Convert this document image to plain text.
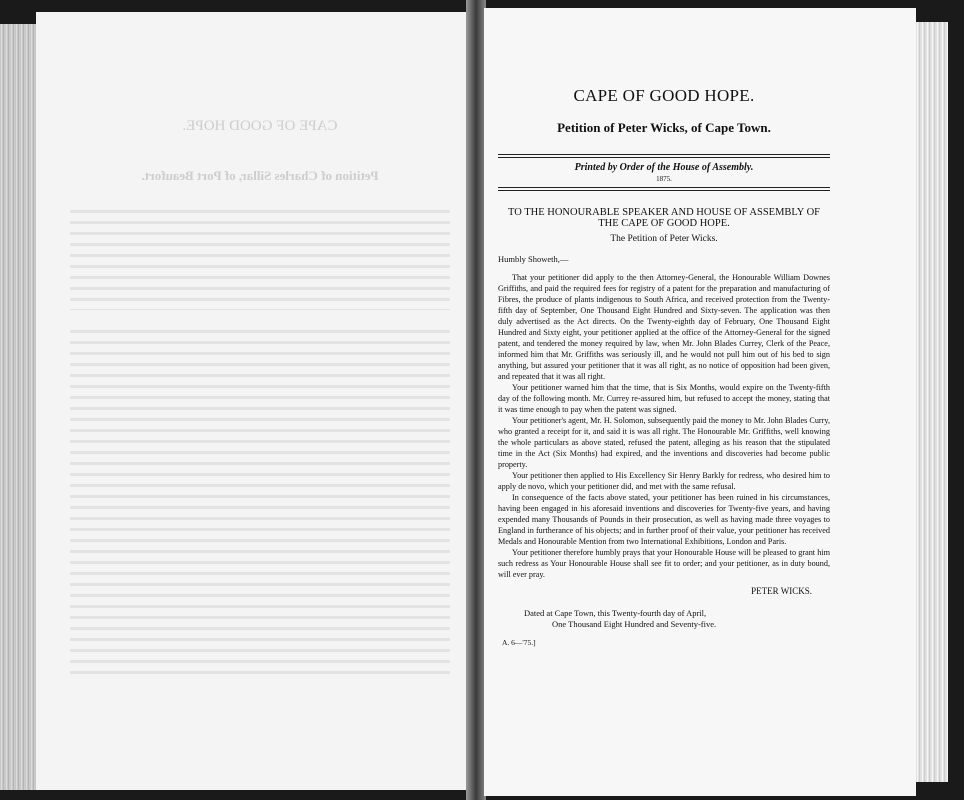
CAPE OF GOOD HOPE.
Petition of Charles Sillar, of Port Beaufort.
CAPE OF GOOD HOPE.
Petition of Peter Wicks, of Cape Town.
Printed by Order of the House of Assembly.
1875.
TO THE HONOURABLE SPEAKER AND HOUSE OF ASSEMBLY OF THE CAPE OF GOOD HOPE.
The Petition of Peter Wicks.
Humbly Showeth,—

That your petitioner did apply to the then Attorney-General, the Honourable William Downes Griffiths, and paid the required fees for registry of a patent for the preparation and manufacturing of Fibres, the produce of plants indigenous to South Africa, and received protection from the Twenty-fifth day of September, One Thousand Eight Hundred and Sixty-seven. The application was then duly advertised as the Act directs. On the Twenty-eighth day of February, One Thousand Eight Hundred and Sixty eight, your petitioner applied at the office of the Attorney-General for the signed patent, and tendered the money required by law, when Mr. John Blades Currey, Clerk of the Peace, informed him that Mr. Griffiths was seriously ill, and he would not pull him out of his bed to sign anything, but assured your petitioner that it was all right, as no notice of opposition had been given, and repeated that it was all right.

Your petitioner warned him that the time, that is Six Months, would expire on the Twenty-fifth day of the following month. Mr. Currey re-assured him, but refused to accept the money, stating that it was time enough to pay when the patent was signed.

Your petitioner's agent, Mr. H. Solomon, subsequently paid the money to Mr. John Blades Curry, who granted a receipt for it, and said it is was all right. The Honourable Mr. Griffiths, well knowing the whole particulars as above stated, refused the patent, alleging as his reason that the stipulated time in the Act (Six Months) had expired, and the inventions and discoveries had become public property.

Your petitioner then applied to His Excellency Sir Henry Barkly for redress, who desired him to apply de novo, which your petitioner did, and met with the same refusal.

In consequence of the facts above stated, your petitioner has been ruined in his circumstances, having been engaged in his aforesaid inventions and discoveries for Twenty-five years, and having expended many Thousands of Pounds in their prosecution, as well as having made three voyages to England in furtherance of his objects; and in further proof of their value, your petitioner has received Medals and Honourable Mention from two International Exhibitions, London and Paris.

Your petitioner therefore humbly prays that your Honourable House will be pleased to grant him such redress as Your Honourable House shall see fit to order; and your petitioner, as in duty bound, will ever pray.

PETER WICKS.
Dated at Cape Town, this Twenty-fourth day of April,
One Thousand Eight Hundred and Seventy-five.
A. 6—'75.]
